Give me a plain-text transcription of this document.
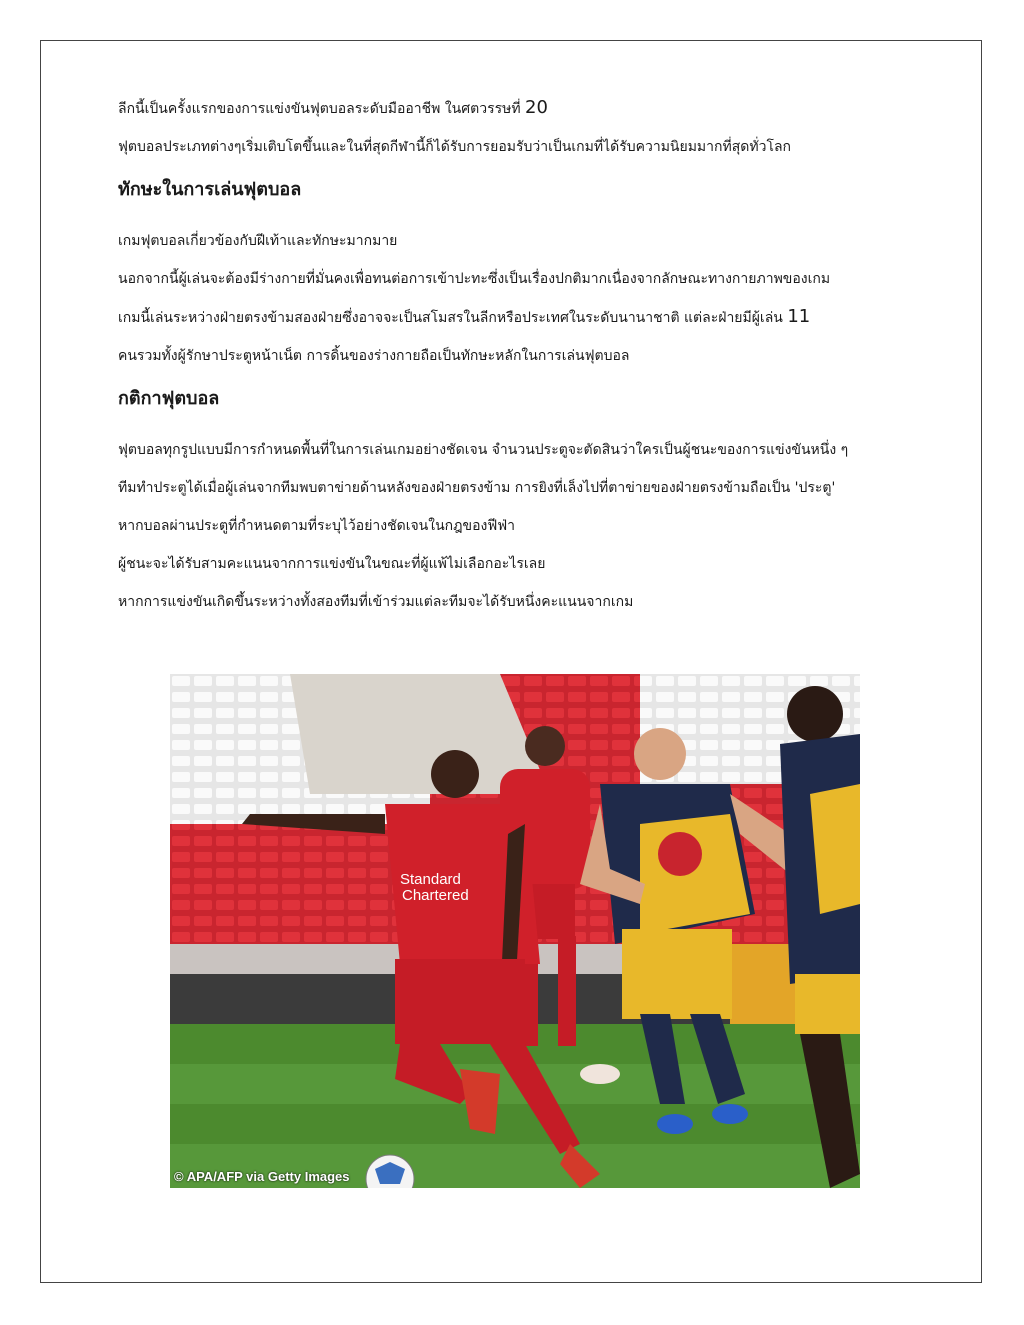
ลีกนี้เป็นครั้งแรกของการแข่งขันฟุตบอลระดับมืออาชีพ ในศตวรรษที่ 20

ฟุตบอลประเภทต่างๆเริ่มเติบโตขึ้นและในที่สุดกีฬานี้ก็ได้รับการยอมรับว่าเป็นเกมที่ได้รับความนิยมมากที่สุดทั่วโลก

ทักษะในการเล่นฟุตบอล

เกมฟุตบอลเกี่ยวข้องกับฝีเท้าและทักษะมากมาย

นอกจากนี้ผู้เล่นจะต้องมีร่างกายที่มั่นคงเพื่อทนต่อการเข้าปะทะซึ่งเป็นเรื่องปกติมากเนื่องจากลักษณะทางกายภาพของเกม

เกมนี้เล่นระหว่างฝ่ายตรงข้ามสองฝ่ายซึ่งอาจจะเป็นสโมสรในลีกหรือประเทศในระดับนานาชาติ แต่ละฝ่ายมีผู้เล่น 11

คนรวมทั้งผู้รักษาประตูหน้าเน็ต การดิ้นของร่างกายถือเป็นทักษะหลักในการเล่นฟุตบอล

กติกาฟุตบอล

ฟุตบอลทุกรูปแบบมีการกำหนดพื้นที่ในการเล่นเกมอย่างชัดเจน จำนวนประตูจะตัดสินว่าใครเป็นผู้ชนะของการแข่งขันหนึ่ง ๆ

ทีมทำประตูได้เมื่อผู้เล่นจากทีมพบตาข่ายด้านหลังของฝ่ายตรงข้าม การยิงที่เล็งไปที่ตาข่ายของฝ่ายตรงข้ามถือเป็น 'ประตู'

หากบอลผ่านประตูที่กำหนดตามที่ระบุไว้อย่างชัดเจนในกฎของฟีฟ่า

ผู้ชนะจะได้รับสามคะแนนจากการแข่งขันในขณะที่ผู้แพ้ไม่เลือกอะไรเลย

หากการแข่งขันเกิดขึ้นระหว่างทั้งสองทีมที่เข้าร่วมแต่ละทีมจะได้รับหนึ่งคะแนนจากเกม

Standard
Chartered
© APA/AFP via Getty Images
